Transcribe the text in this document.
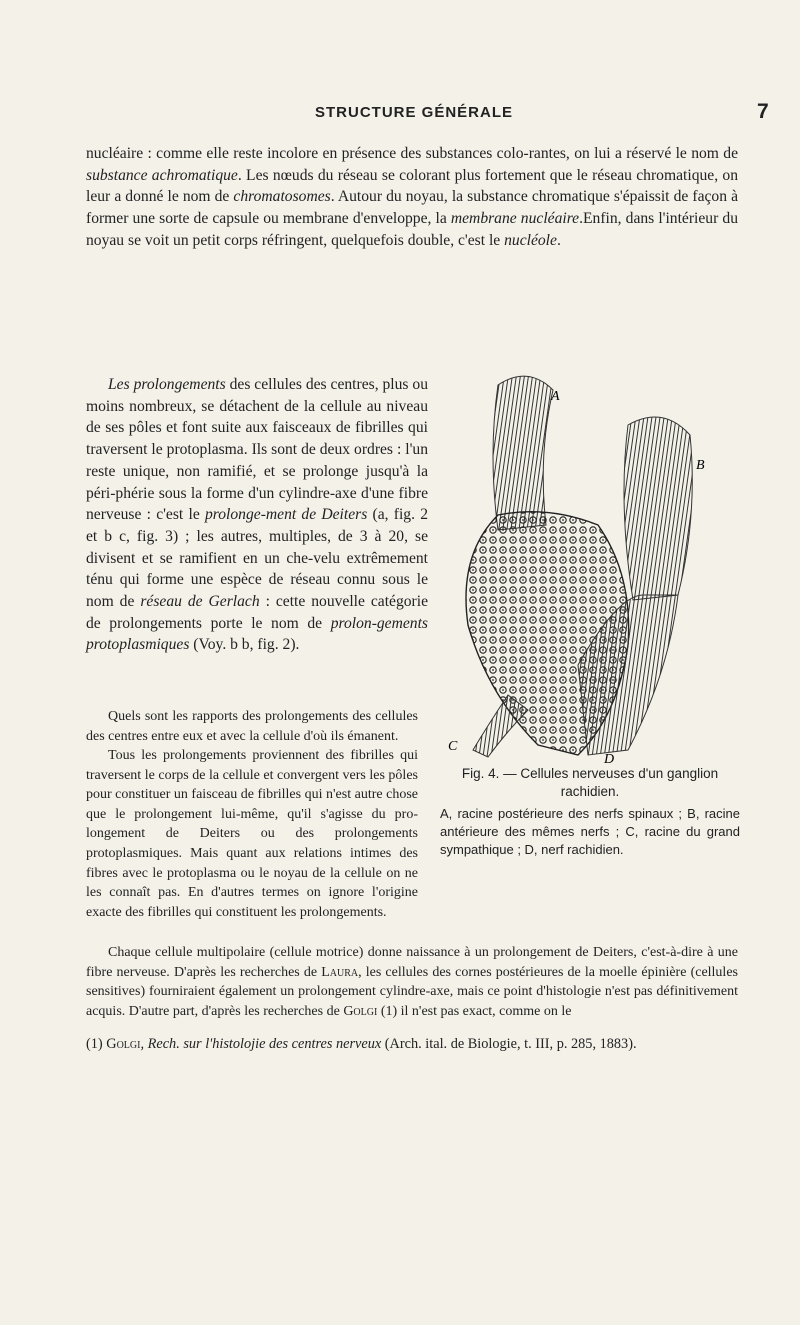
STRUCTURE GÉNÉRALE	7

nucléaire : comme elle reste incolore en présence des substances colo-rantes, on lui a réservé le nom de substance achromatique. Les nœuds du réseau se colorant plus fortement que le réseau chromatique, on leur a donné le nom de chromatosomes. Autour du noyau, la substance chromatique s'épaissit de façon à former une sorte de capsule ou membrane d'enveloppe, la membrane nucléaire.Enfin, dans l'intérieur du noyau se voit un petit corps réfringent, quelquefois double, c'est le nucléole.

Les prolongements des cellules des centres, plus ou moins nombreux, se détachent de la cellule au niveau de ses pôles et font suite aux faisceaux de fibrilles qui traversent le protoplasma. Ils sont de deux ordres : l'un reste unique, non ramifié, et se prolonge jusqu'à la péri-phérie sous la forme d'un cylindre-axe d'une fibre nerveuse : c'est le prolonge-ment de Deiters (a, fig. 2 et b c, fig. 3) ; les autres, multiples, de 3 à 20, se divisent et se ramifient en un che-velu extrêmement ténu qui forme une espèce de réseau connu sous le nom de réseau de Gerlach : cette nouvelle catégorie de prolongements porte le nom de prolon-gements protoplasmiques (Voy. b b, fig. 2).

Quels sont les rapports des prolongements des cellules des centres entre eux et avec la cellule d'où ils émanent.

Tous les prolongements proviennent des fibrilles qui traversent le corps de la cellule et convergent vers les pôles pour constituer un faisceau de fibrilles qui n'est autre chose que le prolongement lui-même, qu'il s'agisse du pro-longement de Deiters ou des prolongements protoplasmiques. Mais quant aux relations intimes des fibres avec le protoplasma ou le noyau de la cellule on ne les connaît pas. En d'autres termes on ignore l'origine exacte des fibrilles qui constituent les prolongements.

Chaque cellule multipolaire (cellule motrice) donne naissance à un prolongement de Deiters, c'est-à-dire à une fibre nerveuse. D'après les recherches de Laura, les cellules des cornes postérieures de la moelle épinière (cellules sensitives) fourniraient également un prolongement cylindre-axe, mais ce point d'histologie n'est pas définitivement acquis. D'autre part, d'après les recherches de Golgi (1) il n'est pas exact, comme on le

A
B
C
D

Fig. 4. — Cellules nerveuses d'un ganglion rachidien.

A, racine postérieure des nerfs spinaux ; B, racine antérieure des mêmes nerfs ; C, racine du grand sympathique ; D, nerf rachidien.

(1) Golgi, Rech. sur l'histolojie des centres nerveux (Arch. ital. de Biologie, t. III, p. 285, 1883).
